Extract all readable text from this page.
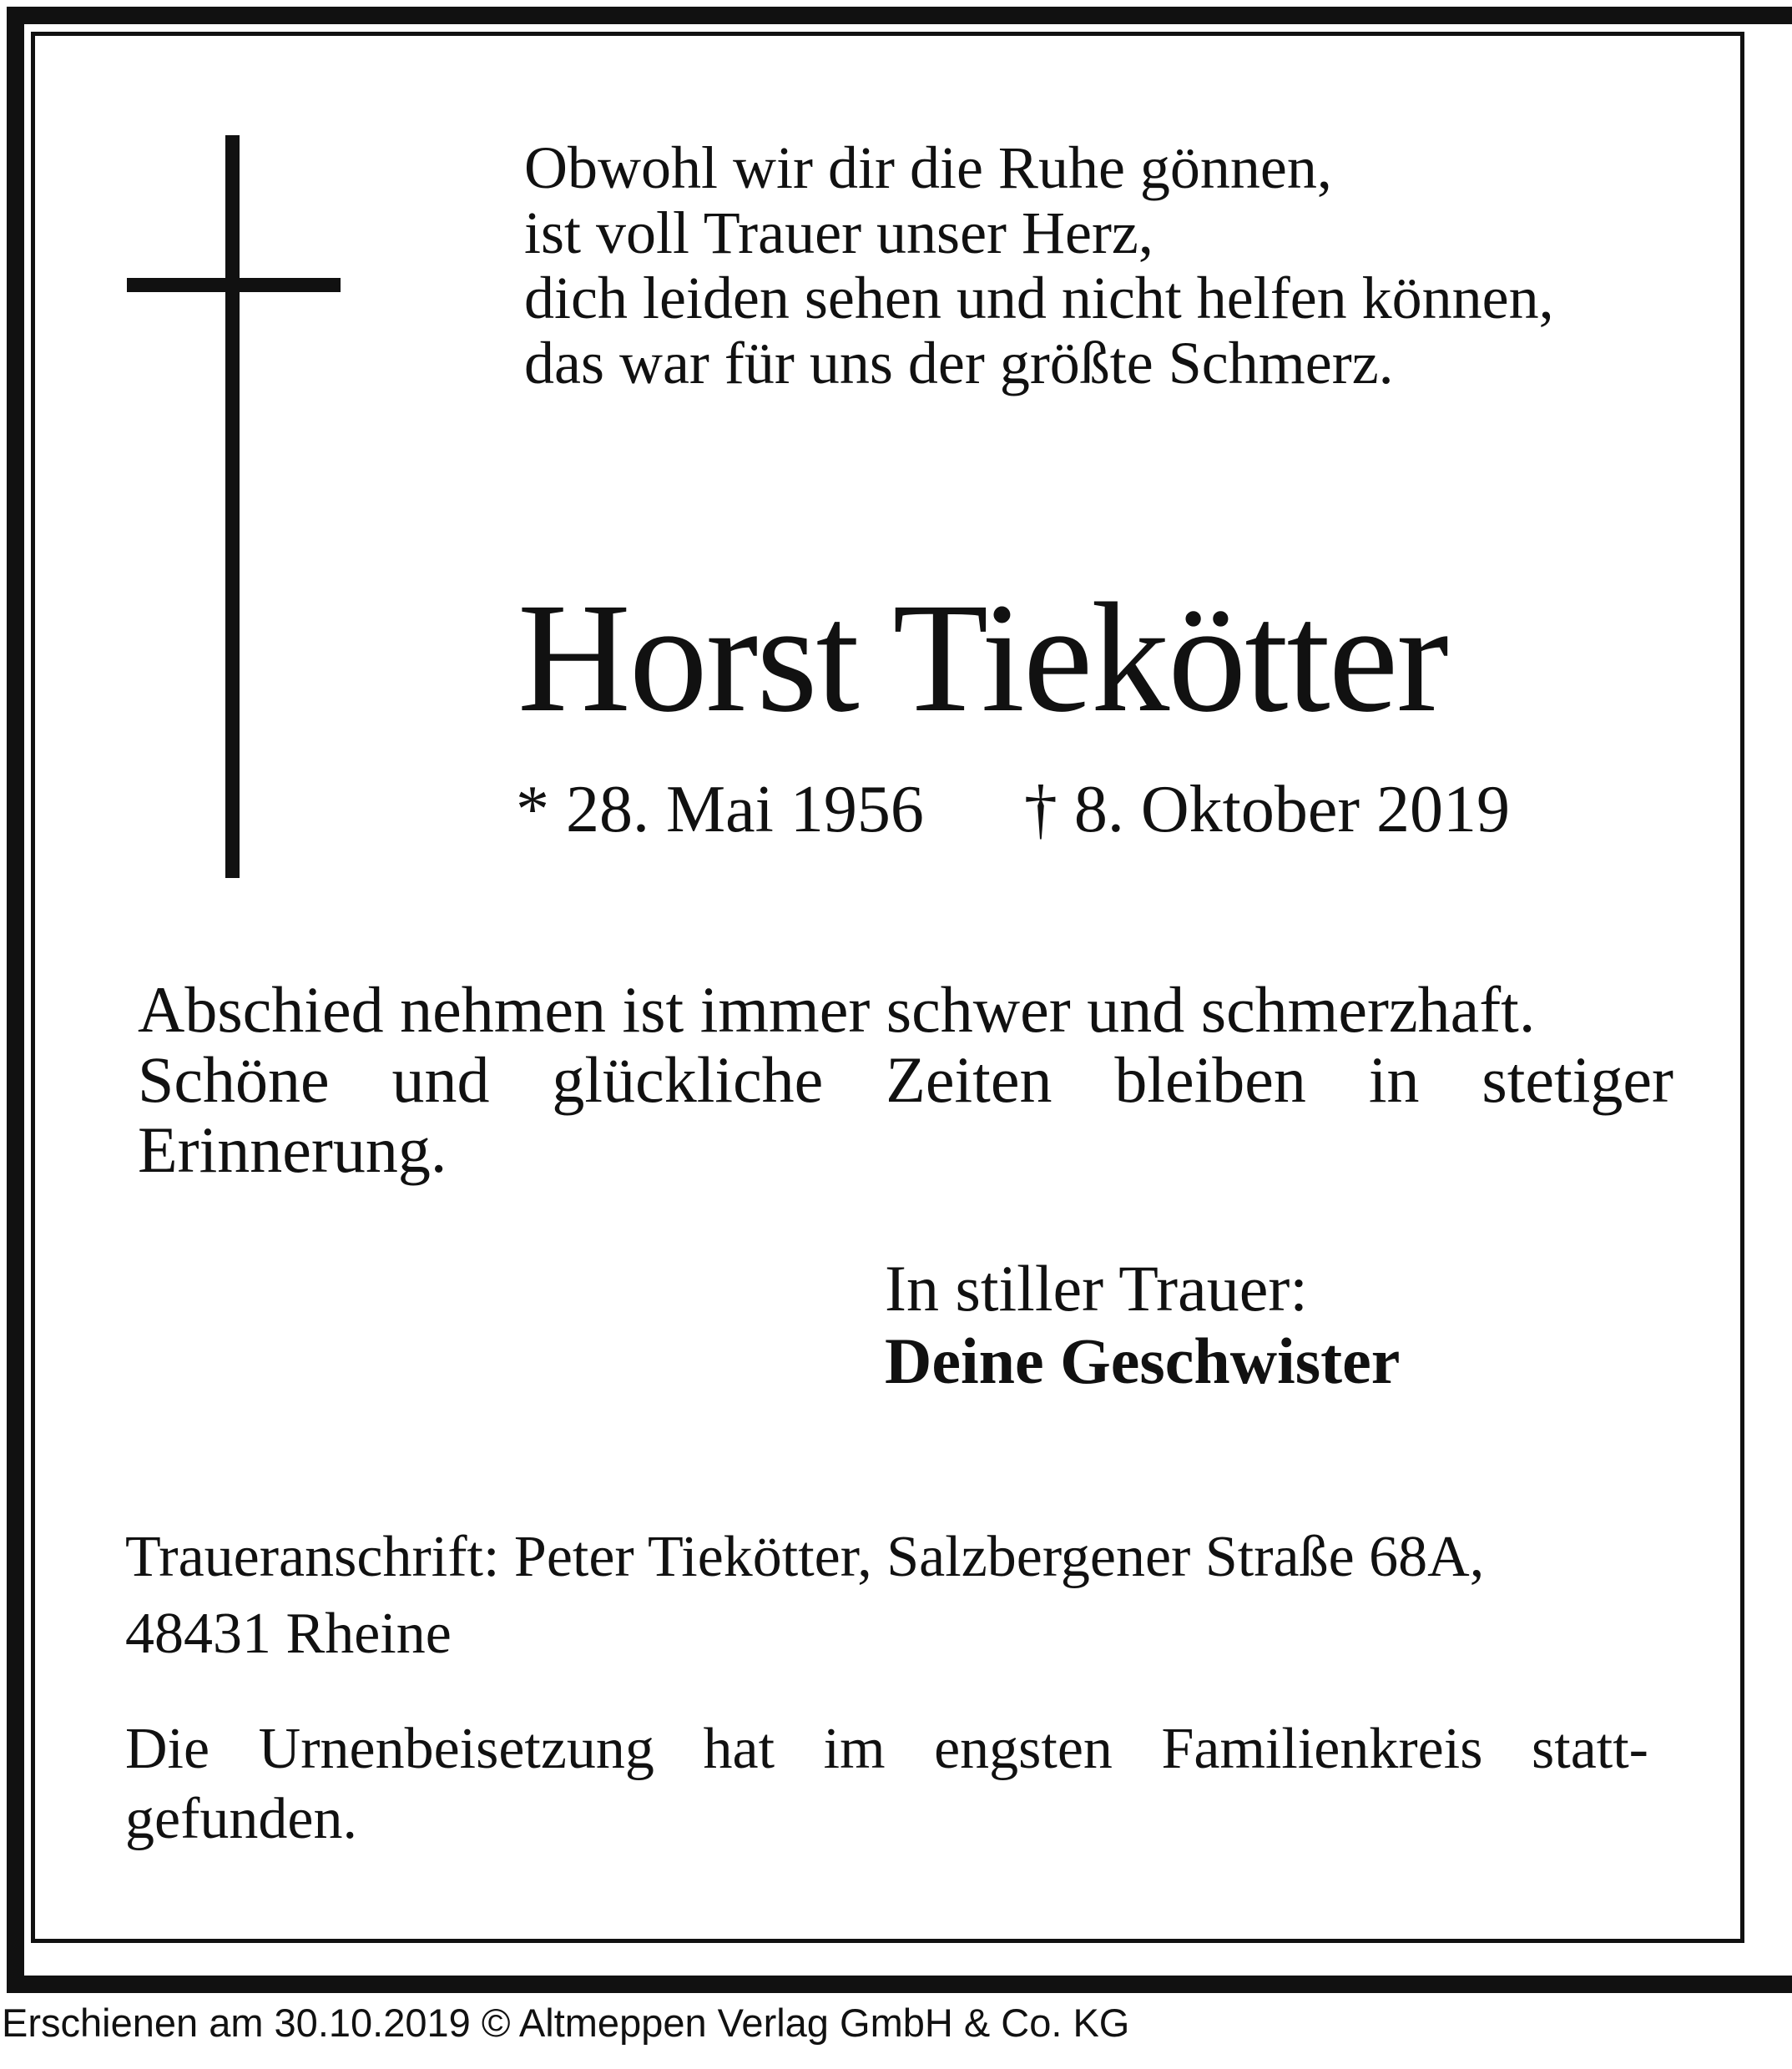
Obwohl wir dir die Ruhe gönnen,
ist voll Trauer unser Herz,
dich leiden sehen und nicht helfen können,
das war für uns der größte Schmerz.
Horst Tiekötter
* 28. Mai 1956 † 8. Oktober 2019
Abschied nehmen ist immer schwer und schmerzhaft.
Schöne und glückliche Zeiten bleiben in stetiger
Erinnerung.
In stiller Trauer:
Deine Geschwister
Traueranschrift: Peter Tiekötter, Salzbergener Straße 68A,
48431 Rheine
Die Urnenbeisetzung hat im engsten Familienkreis statt-
gefunden.
Erschienen am 30.10.2019 © Altmeppen Verlag GmbH & Co. KG
